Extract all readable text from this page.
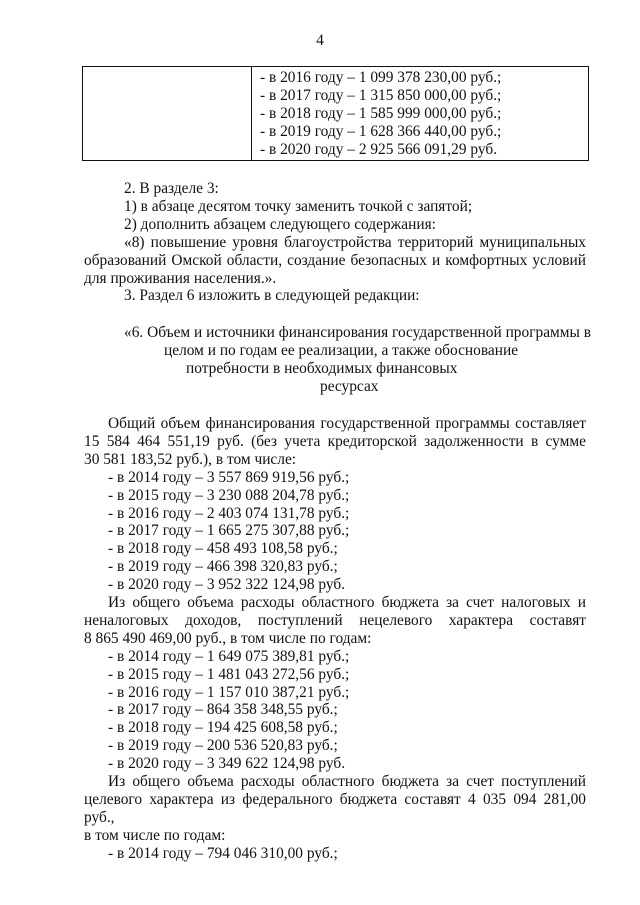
4

- в 2016 году – 1 099 378 230,00 руб.;
- в 2017 году – 1 315 850 000,00 руб.;
- в 2018 году – 1 585 999 000,00 руб.;
- в 2019 году – 1 628 366 440,00 руб.;
- в 2020 году – 2 925 566 091,29 руб.
2. В разделе 3:
1) в абзаце десятом точку заменить точкой с запятой;
2) дополнить абзацем следующего содержания:
«8) повышение уровня благоустройства территорий муниципальных
образований Омской области, создание безопасных и комфортных условий
для проживания населения.».
3. Раздел 6 изложить в следующей редакции:
«6. Объем и источники финансирования государственной программы в
целом и по годам ее реализации, а также обоснование
потребности в необходимых финансовых
ресурсах
Общий объем финансирования государственной программы составляет
15 584 464 551,19 руб. (без учета кредиторской задолженности в сумме
30 581 183,52 руб.), в том числе:
- в 2014 году – 3 557 869 919,56 руб.;
- в 2015 году – 3 230 088 204,78 руб.;
- в 2016 году – 2 403 074 131,78 руб.;
- в 2017 году – 1 665 275 307,88 руб.;
- в 2018 году – 458 493 108,58 руб.;
- в 2019 году – 466 398 320,83 руб.;
- в 2020 году – 3 952 322 124,98 руб.
Из общего объема расходы областного бюджета за счет налоговых и
неналоговых доходов, поступлений нецелевого характера составят
8 865 490 469,00 руб., в том числе по годам:
- в 2014 году – 1 649 075 389,81 руб.;
- в 2015 году – 1 481 043 272,56 руб.;
- в 2016 году – 1 157 010 387,21 руб.;
- в 2017 году – 864 358 348,55 руб.;
- в 2018 году – 194 425 608,58 руб.;
- в 2019 году – 200 536 520,83 руб.;
- в 2020 году – 3 349 622 124,98 руб.
Из общего объема расходы областного бюджета за счет поступлений
целевого характера из федерального бюджета составят 4 035 094 281,00 руб.,
в том числе по годам:
- в 2014 году – 794 046 310,00 руб.;
